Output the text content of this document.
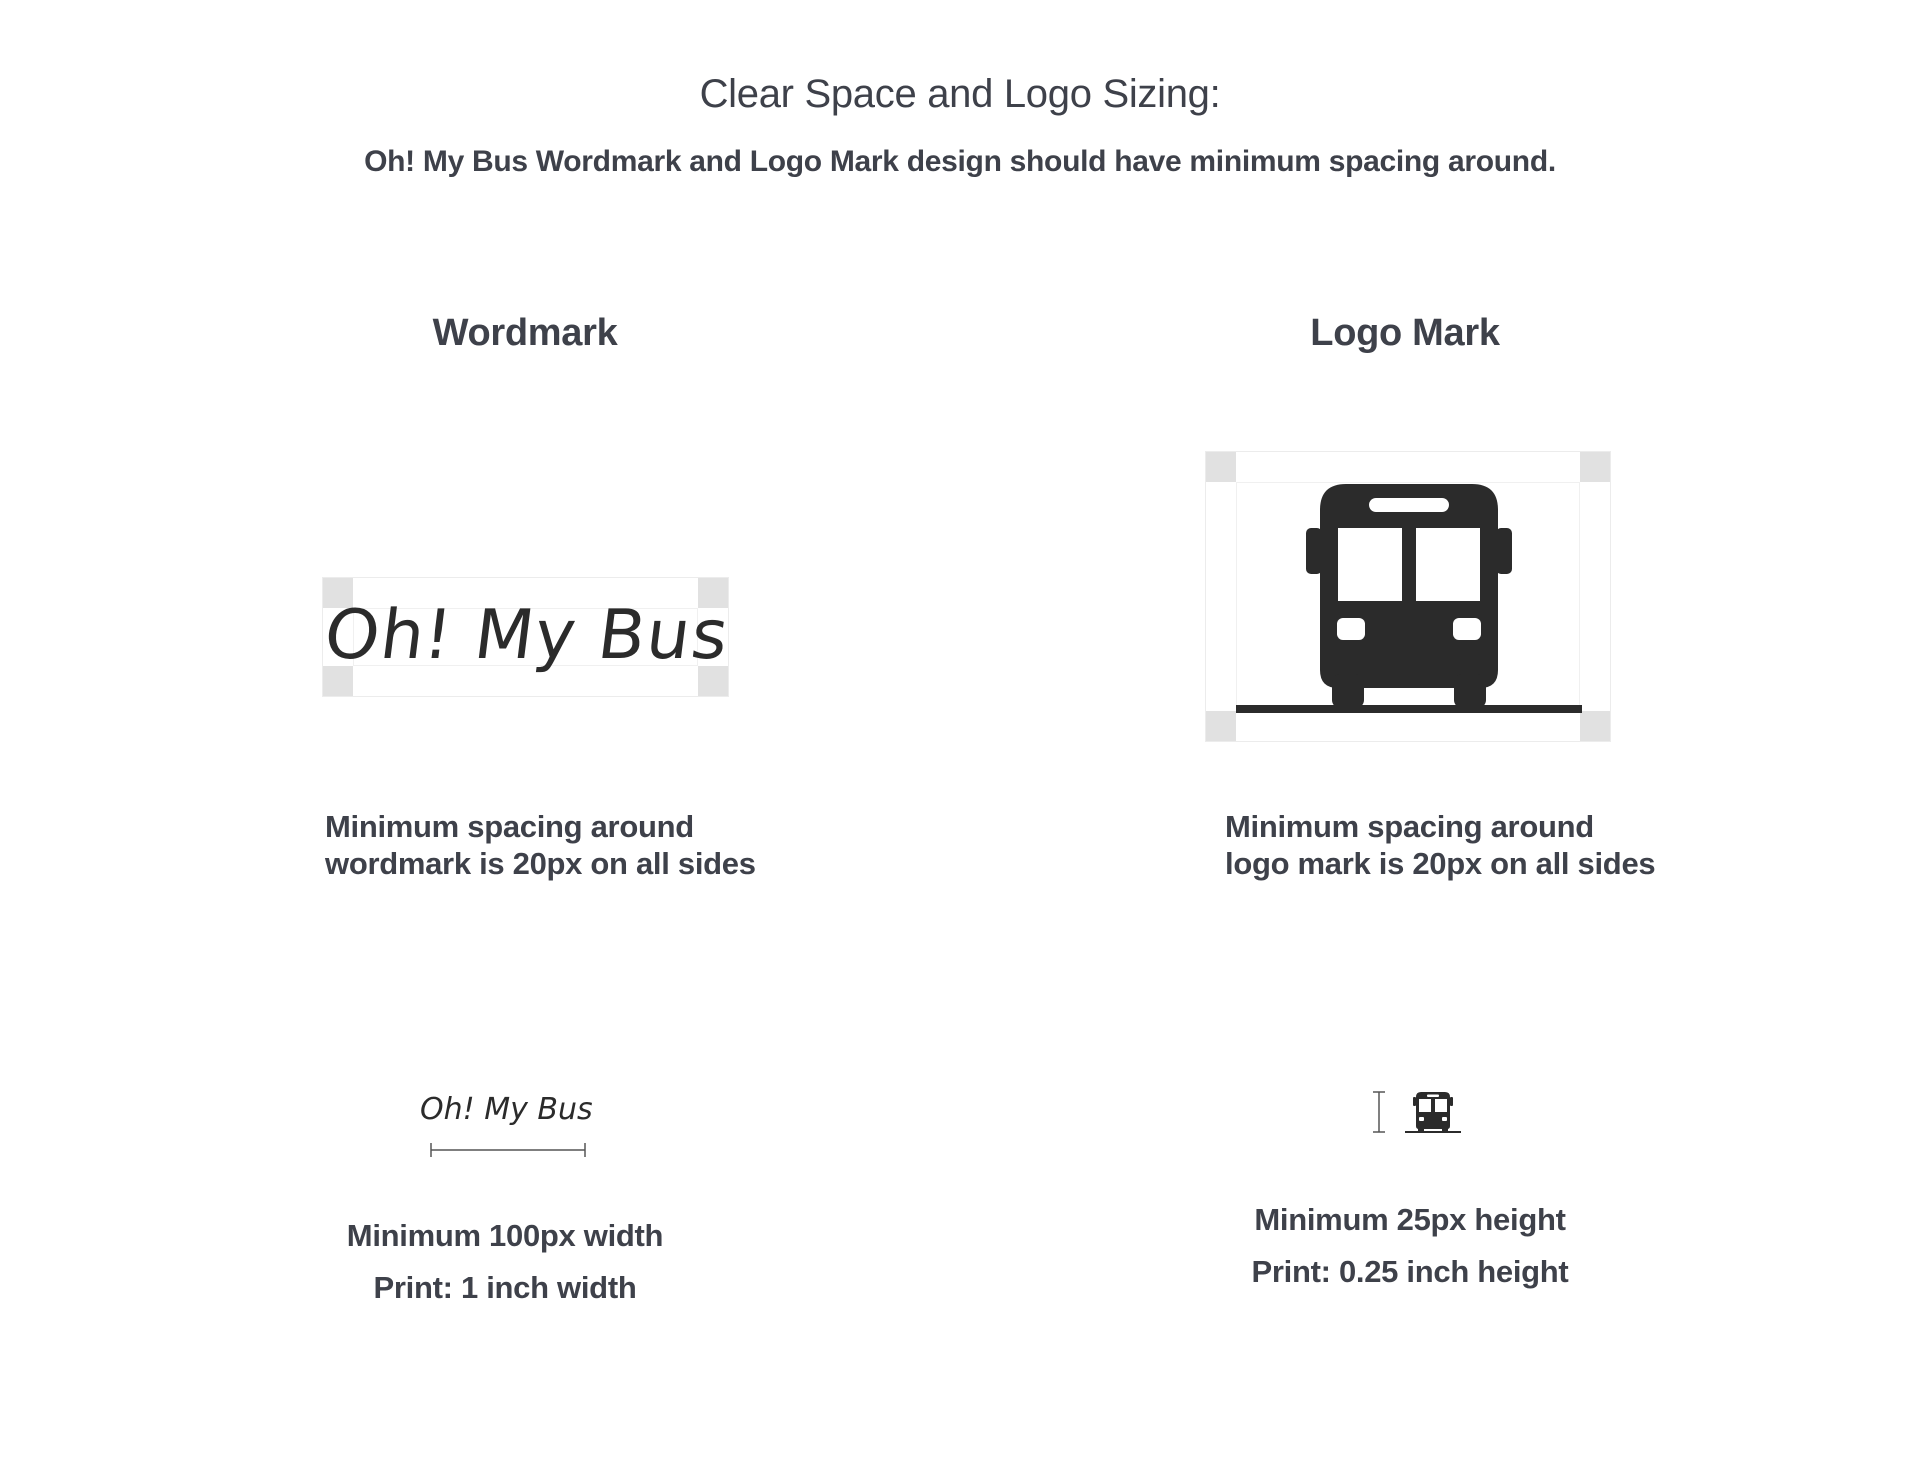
Clear Space and Logo Sizing:
Oh! My Bus Wordmark and Logo Mark design should have minimum spacing around.
Wordmark	Logo Mark
Oh! My Bus
Minimum spacing around
wordmark is 20px on all sides
Minimum spacing around
logo mark is 20px on all sides
Oh! My Bus
Minimum 100px width
Print: 1 inch width
Minimum 25px height
Print: 0.25 inch height
